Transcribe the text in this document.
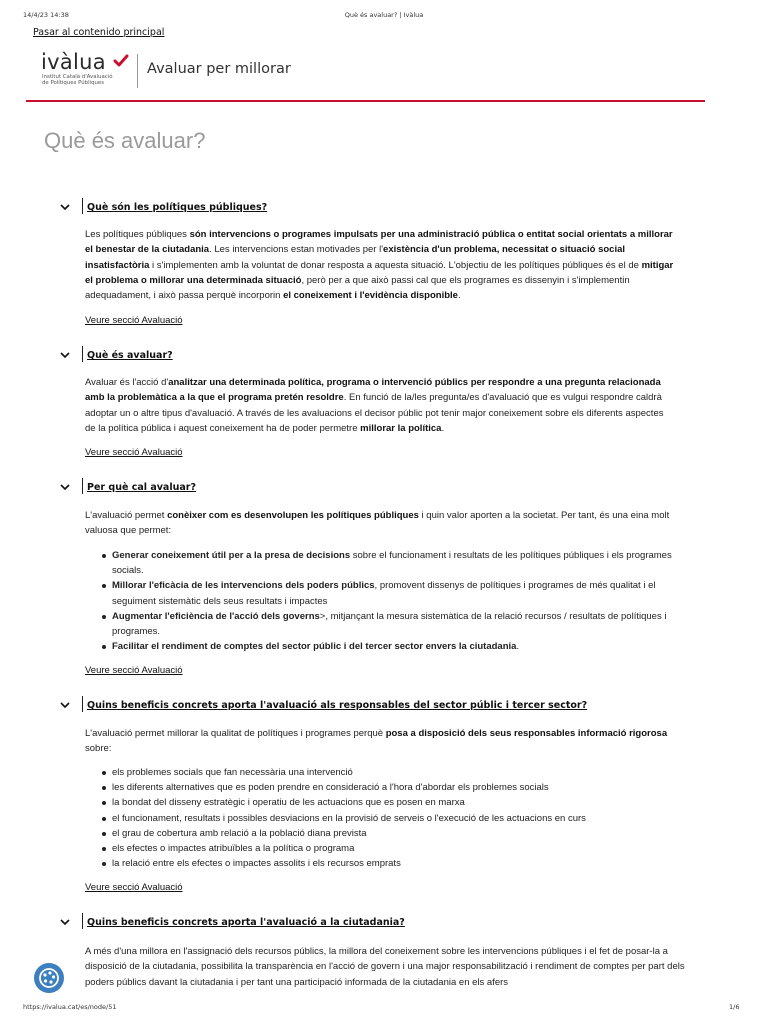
14/4/23 14:38	Què és avaluar? | Ivàlua
Pasar al contenido principal
ivàlua
Institut Català d'Avaluació
de Polítiques Públiques
Avaluar per millorar
Què és avaluar?
Què són les polítiques públiques?
Les polítiques públiques són intervencions o programes impulsats per una administració pública o entitat social orientats a millorar el benestar de la ciutadania. Les intervencions estan motivades per l'existència d'un problema, necessitat o situació social insatisfactòria i s'implementen amb la voluntat de donar resposta a aquesta situació. L'objectiu de les polítiques públiques és el de mitigar el problema o millorar una determinada situació, però per a que això passi cal que els programes es dissenyin i s'implementin adequadament, i això passa perquè incorporin el coneixement i l'evidència disponible.
Veure secció Avaluació
Què és avaluar?
Avaluar és l'acció d'analitzar una determinada política, programa o intervenció públics per respondre a una pregunta relacionada amb la problemàtica a la que el programa pretén resoldre. En funció de la/les pregunta/es d'avaluació que es vulgui respondre caldrà adoptar un o altre tipus d'avaluació. A través de les avaluacions el decisor públic pot tenir major coneixement sobre els diferents aspectes de la política pública i aquest coneixement ha de poder permetre millorar la política.
Veure secció Avaluació
Per què cal avaluar?
L'avaluació permet conèixer com es desenvolupen les polítiques públiques i quin valor aporten a la societat. Per tant, és una eina molt valuosa que permet:
Generar coneixement útil per a la presa de decisions sobre el funcionament i resultats de les polítiques públiques i els programes socials.
Millorar l'eficàcia de les intervencions dels poders públics, promovent dissenys de polítiques i programes de més qualitat i el seguiment sistemàtic dels seus resultats i impactes
Augmentar l'eficiència de l'acció dels governs>, mitjançant la mesura sistemàtica de la relació recursos / resultats de polítiques i programes.
Facilitar el rendiment de comptes del sector públic i del tercer sector envers la ciutadania.
Veure secció Avaluació
Quins beneficis concrets aporta l'avaluació als responsables del sector públic i tercer sector?
L'avaluació permet millorar la qualitat de polítiques i programes perquè posa a disposició dels seus responsables informació rigorosa sobre:
els problemes socials que fan necessària una intervenció
les diferents alternatives que es poden prendre en consideració a l'hora d'abordar els problemes socials
la bondat del disseny estratègic i operatiu de les actuacions que es posen en marxa
el funcionament, resultats i possibles desviacions en la provisió de serveis o l'execució de les actuacions en curs
el grau de cobertura amb relació a la població diana prevista
els efectes o impactes atribuïbles a la política o programa
la relació entre els efectes o impactes assolits i els recursos emprats
Veure secció Avaluació
Quins beneficis concrets aporta l'avaluació a la ciutadania?
A més d'una millora en l'assignació dels recursos públics, la millora del coneixement sobre les intervencions públiques i el fet de posar-la a disposició de la ciutadania, possibilita la transparència en l'acció de govern i una major responsabilització i rendiment de comptes per part dels poders públics davant la ciutadania i per tant una participació informada de la ciutadania en els afers
https://ivalua.cat/es/node/51	1/6
